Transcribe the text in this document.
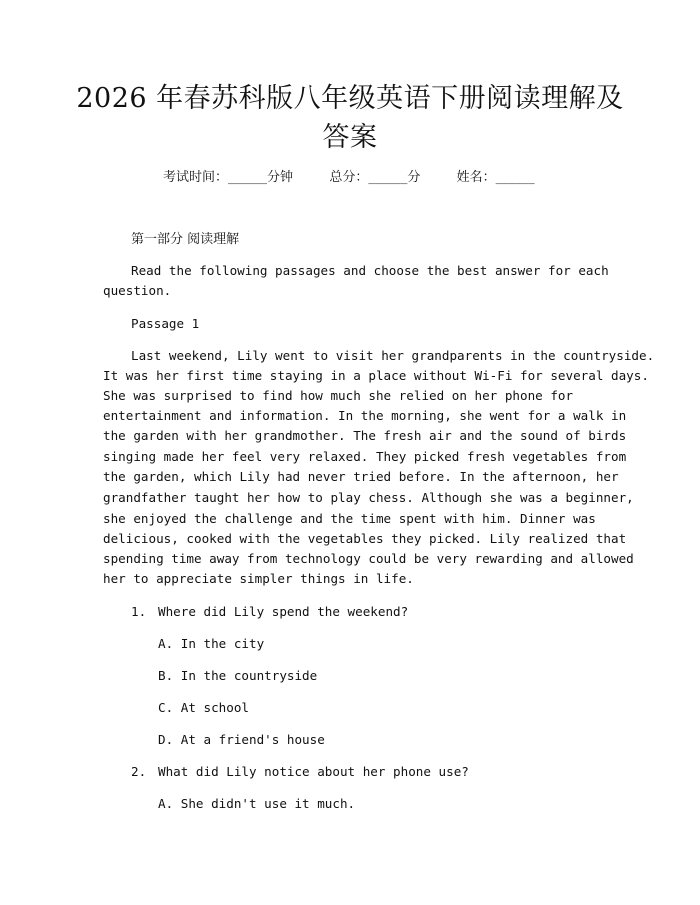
2026 年春苏科版八年级英语下册阅读理解及
答案
考试时间：______分钟	总分：______分	姓名：______
第一部分 阅读理解
Read the following passages and choose the best answer for each
question.
Passage 1
Last weekend, Lily went to visit her grandparents in the countryside.
It was her first time staying in a place without Wi-Fi for several days.
She was surprised to find how much she relied on her phone for
entertainment and information. In the morning, she went for a walk in
the garden with her grandmother. The fresh air and the sound of birds
singing made her feel very relaxed. They picked fresh vegetables from
the garden, which Lily had never tried before. In the afternoon, her
grandfather taught her how to play chess. Although she was a beginner,
she enjoyed the challenge and the time spent with him. Dinner was
delicious, cooked with the vegetables they picked. Lily realized that
spending time away from technology could be very rewarding and allowed
her to appreciate simpler things in life.
1. Where did Lily spend the weekend?
A. In the city
B. In the countryside
C. At school
D. At a friend's house
2. What did Lily notice about her phone use?
A. She didn't use it much.
